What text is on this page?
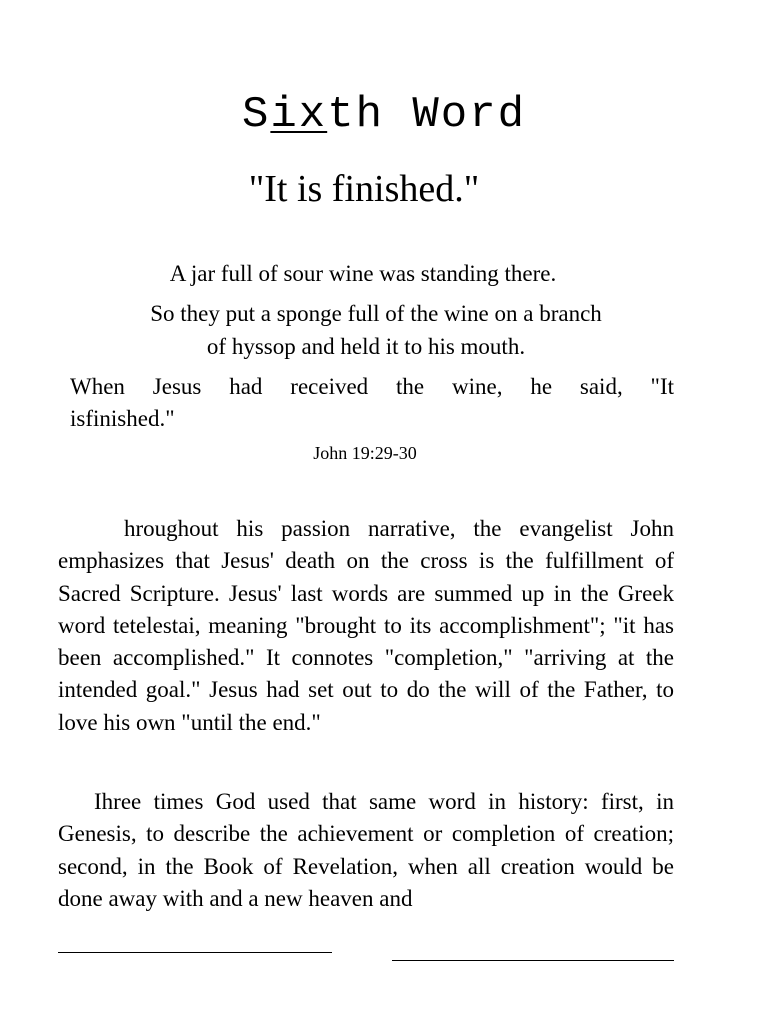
Sixth Word
"It is finished."
A jar full of sour wine was standing there.
So they put a sponge full of the wine on a branch
of hyssop and held it to his mouth.
When Jesus had received the wine, he said, "It
isfinished."
John 19:29-30

hroughout his passion narrative, the evangelist John emphasizes that Jesus' death on the cross is the fulfillment of Sacred Scripture. Jesus' last words are summed up in the Greek word tetelestai, meaning "brought to its accomplishment"; "it has been accomplished." It connotes "completion," "arriving at the intended goal." Jesus had set out to do the will of the Father, to love his own "until the end."

Ihree times God used that same word in history: first, in Genesis, to describe the achievement or completion of creation; second, in the Book of Revelation, when all creation would be done away with and a new heaven and
